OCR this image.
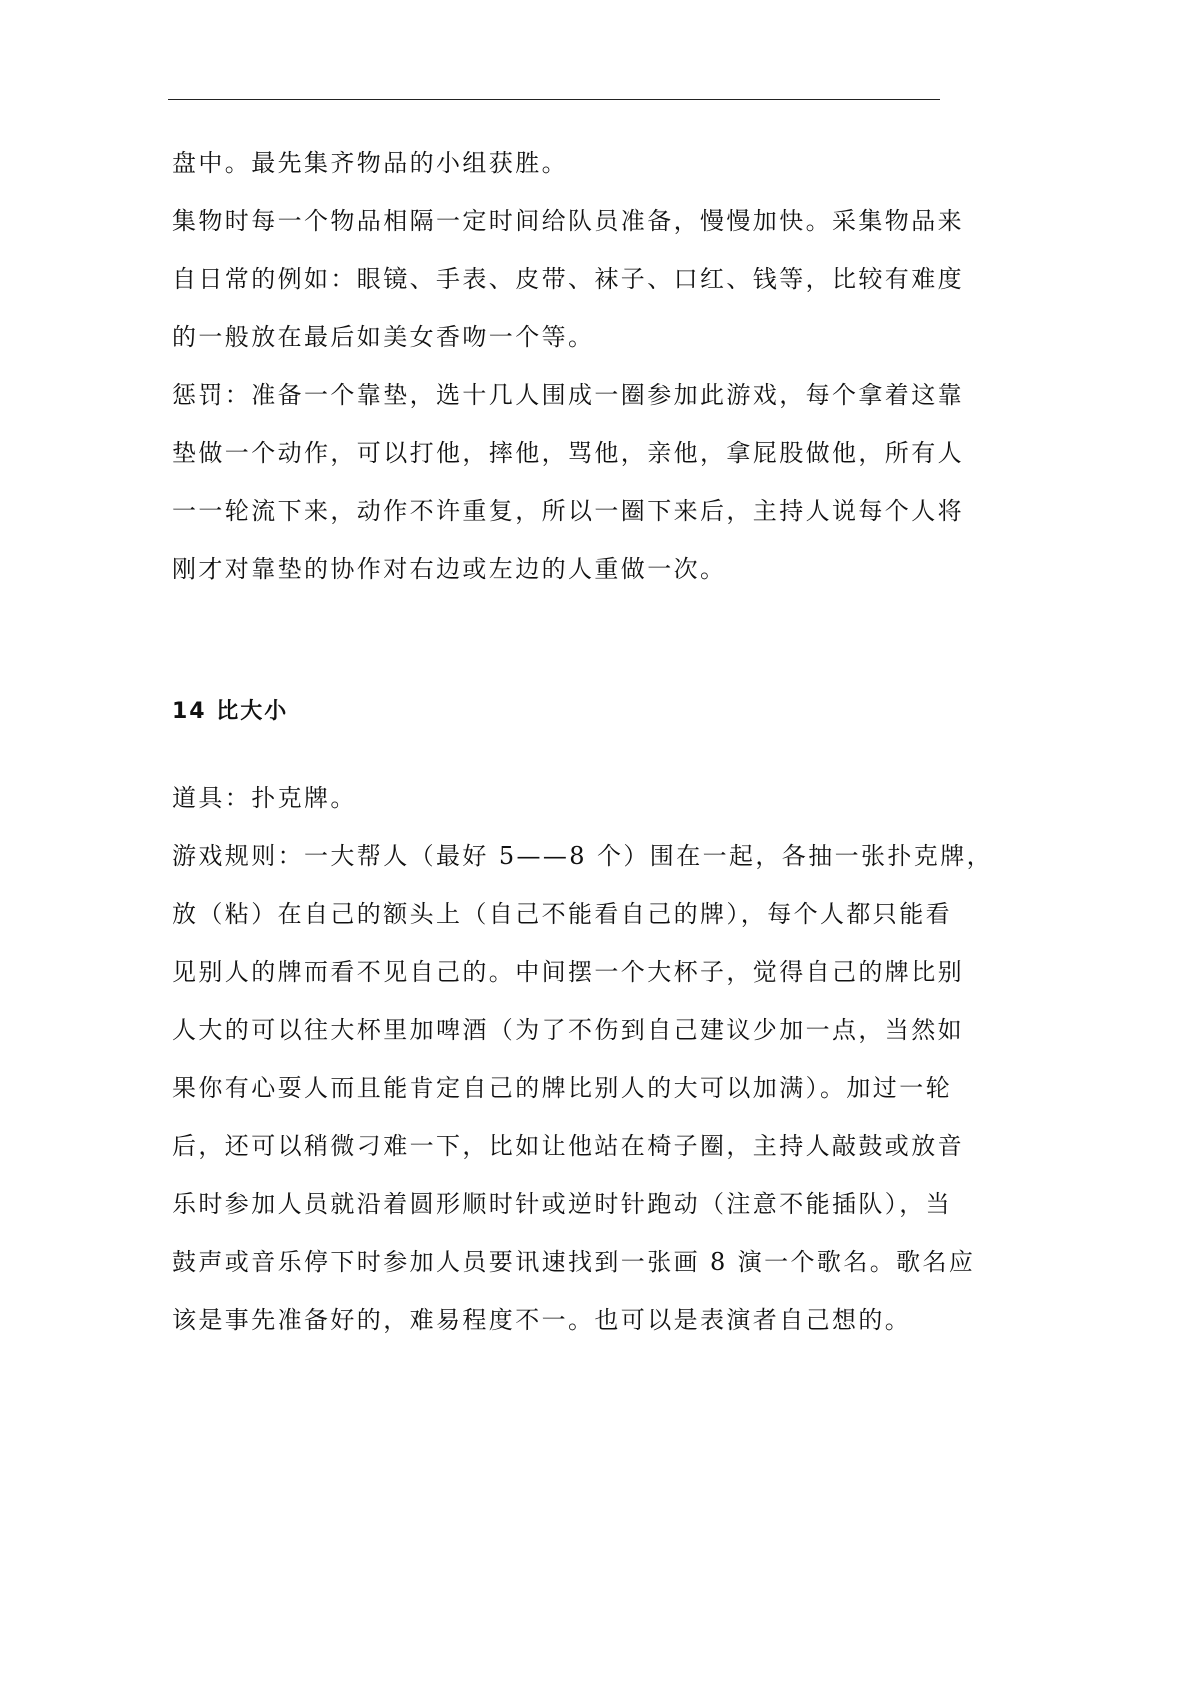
盘中。最先集齐物品的小组获胜。

集物时每一个物品相隔一定时间给队员准备，慢慢加快。采集物品来
自日常的例如：眼镜、手表、皮带、袜子、口红、钱等，比较有难度
的一般放在最后如美女香吻一个等。

惩罚：准备一个靠垫，选十几人围成一圈参加此游戏，每个拿着这靠
垫做一个动作，可以打他，摔他，骂他，亲他，拿屁股做他，所有人
一一轮流下来，动作不许重复，所以一圈下来后，主持人说每个人将
刚才对靠垫的协作对右边或左边的人重做一次。

14 比大小

道具：扑克牌。

游戏规则：一大帮人（最好 5——8 个）围在一起，各抽一张扑克牌，
放（粘）在自己的额头上（自己不能看自己的牌），每个人都只能看
见别人的牌而看不见自己的。中间摆一个大杯子，觉得自己的牌比别
人大的可以往大杯里加啤酒（为了不伤到自己建议少加一点，当然如
果你有心耍人而且能肯定自己的牌比别人的大可以加满）。加过一轮
后，还可以稍微刁难一下，比如让他站在椅子圈，主持人敲鼓或放音
乐时参加人员就沿着圆形顺时针或逆时针跑动（注意不能插队），当
鼓声或音乐停下时参加人员要讯速找到一张画 8 演一个歌名。歌名应
该是事先准备好的，难易程度不一。也可以是表演者自己想的。
